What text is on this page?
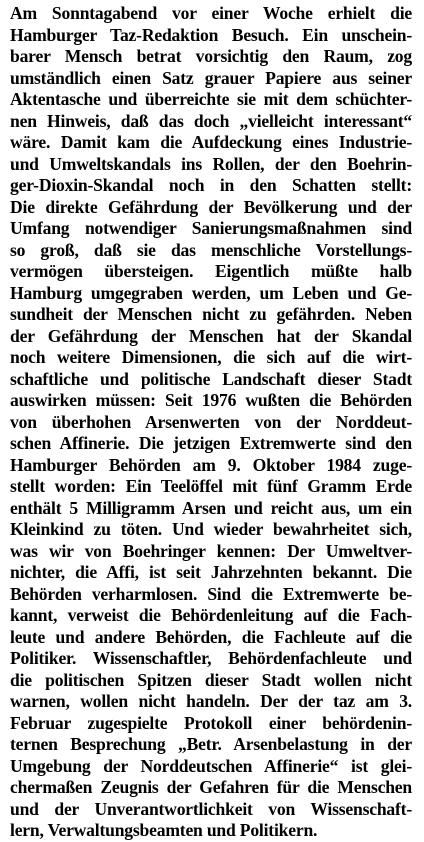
Am Sonntagabend vor einer Woche erhielt die
Hamburger Taz-Redaktion Besuch. Ein unschein-
barer Mensch betrat vorsichtig den Raum, zog
umständlich einen Satz grauer Papiere aus seiner
Aktentasche und überreichte sie mit dem schüchter-
nen Hinweis, daß das doch „vielleicht interessant“
wäre. Damit kam die Aufdeckung eines Industrie-
und Umweltskandals ins Rollen, der den Boehrin-
ger-Dioxin-Skandal noch in den Schatten stellt:
Die direkte Gefährdung der Bevölkerung und der
Umfang notwendiger Sanierungsmaßnahmen sind
so groß, daß sie das menschliche Vorstellungs-
vermögen übersteigen. Eigentlich müßte halb
Hamburg umgegraben werden, um Leben und Ge-
sundheit der Menschen nicht zu gefährden. Neben
der Gefährdung der Menschen hat der Skandal
noch weitere Dimensionen, die sich auf die wirt-
schaftliche und politische Landschaft dieser Stadt
auswirken müssen: Seit 1976 wußten die Behörden
von überhohen Arsenwerten von der Norddeut-
schen Affinerie. Die jetzigen Extremwerte sind den
Hamburger Behörden am 9. Oktober 1984 zuge-
stellt worden: Ein Teelöffel mit fünf Gramm Erde
enthält 5 Milligramm Arsen und reicht aus, um ein
Kleinkind zu töten. Und wieder bewahrheitet sich,
was wir von Boehringer kennen: Der Umweltver-
nichter, die Affi, ist seit Jahrzehnten bekannt. Die
Behörden verharmlosen. Sind die Extremwerte be-
kannt, verweist die Behördenleitung auf die Fach-
leute und andere Behörden, die Fachleute auf die
Politiker. Wissenschaftler, Behördenfachleute und
die politischen Spitzen dieser Stadt wollen nicht
warnen, wollen nicht handeln. Der der taz am 3.
Februar zugespielte Protokoll einer behördenin-
ternen Besprechung „Betr. Arsenbelastung in der
Umgebung der Norddeutschen Affinerie“ ist glei-
chermaßen Zeugnis der Gefahren für die Menschen
und der Unverantwortlichkeit von Wissenschaft-
lern, Verwaltungsbeamten und Politikern.
